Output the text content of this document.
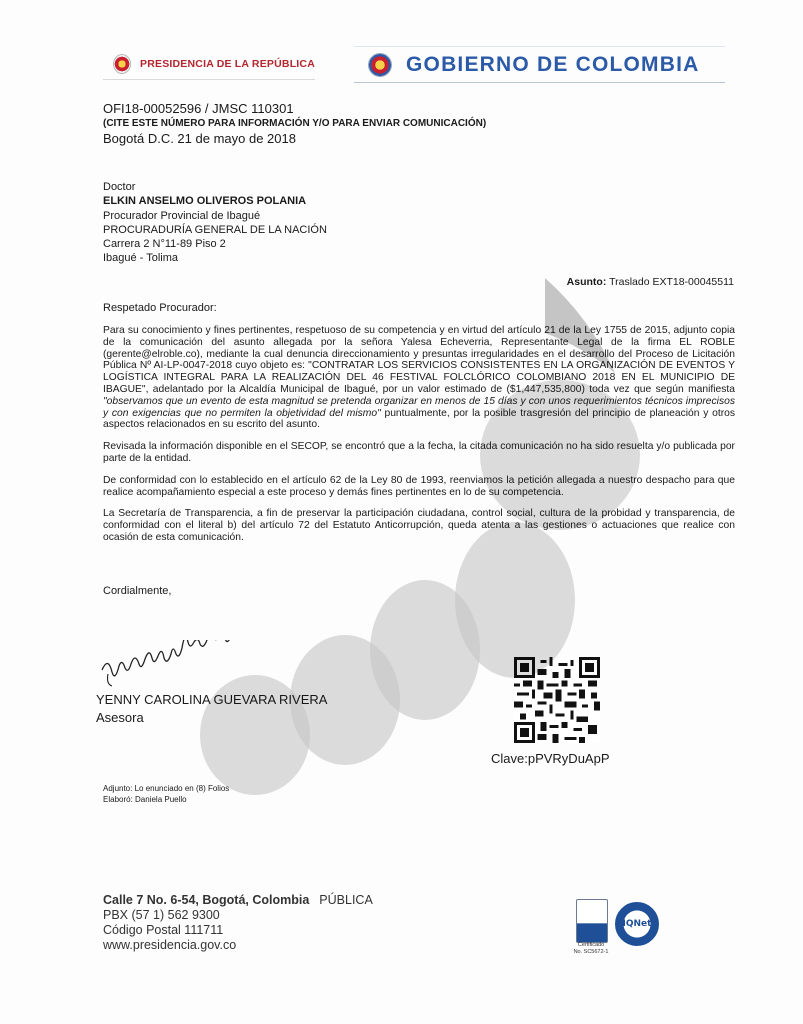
PRESIDENCIA DE LA REPÚBLICA	GOBIERNO DE COLOMBIA
OFI18-00052596 / JMSC 110301
(CITE ESTE NÚMERO PARA INFORMACIÓN Y/O PARA ENVIAR COMUNICACIÓN)
Bogotá D.C. 21 de mayo de 2018
Doctor
ELKIN ANSELMO OLIVEROS POLANIA
Procurador Provincial de Ibagué
PROCURADURÍA GENERAL DE LA NACIÓN
Carrera 2 N°11-89 Piso 2
Ibagué - Tolima
Asunto: Traslado EXT18-00045511
Respetado Procurador:

Para su conocimiento y fines pertinentes, respetuoso de su competencia y en virtud del artículo 21 de la Ley 1755 de 2015, adjunto copia de la comunicación del asunto allegada por la señora Yalesa Echeverria, Representante Legal de la firma EL ROBLE (gerente@elroble.co), mediante la cual denuncia direccionamiento y presuntas irregularidades en el desarrollo del Proceso de Licitación Pública Nº AI-LP-0047-2018 cuyo objeto es: "CONTRATAR LOS SERVICIOS CONSISTENTES EN LA ORGANIZACIÓN DE EVENTOS Y LOGÍSTICA INTEGRAL PARA LA REALIZACIÓN DEL 46 FESTIVAL FOLCLÓRICO COLOMBIANO 2018 EN EL MUNICIPIO DE IBAGUE", adelantado por la Alcaldía Municipal de Ibagué, por un valor estimado de ($1,447,535,800) toda vez que según manifiesta "observamos que un evento de esta magnitud se pretenda organizar en menos de 15 días y con unos requerimientos técnicos imprecisos y con exigencias que no permiten la objetividad del mismo" puntualmente, por la posible trasgresión del principio de planeación y otros aspectos relacionados en su escrito del asunto.

Revisada la información disponible en el SECOP, se encontró que a la fecha, la citada comunicación no ha sido resuelta y/o publicada por parte de la entidad.

De conformidad con lo establecido en el artículo 62 de la Ley 80 de 1993, reenviamos la petición allegada a nuestro despacho para que realice acompañamiento especial a este proceso y demás fines pertinentes en lo de su competencia.

La Secretaría de Transparencia, a fin de preservar la participación ciudadana, control social, cultura de la probidad y transparencia, de conformidad con el literal b) del artículo 72 del Estatuto Anticorrupción, queda atenta a las gestiones o actuaciones que realice con ocasión de esta comunicación.

Cordialmente,
YENNY CAROLINA GUEVARA RIVERA
Asesora
Clave:pPVRyDuApP
Adjunto: Lo enunciado en (8) Folios
Elaboró: Daniela Puello
Calle 7 No. 6-54, Bogotá, Colombia PÚBLICA
PBX (57 1) 562 9300
Código Postal 111711
www.presidencia.gov.co	Certificado
No. SC5672-1
IQNet
